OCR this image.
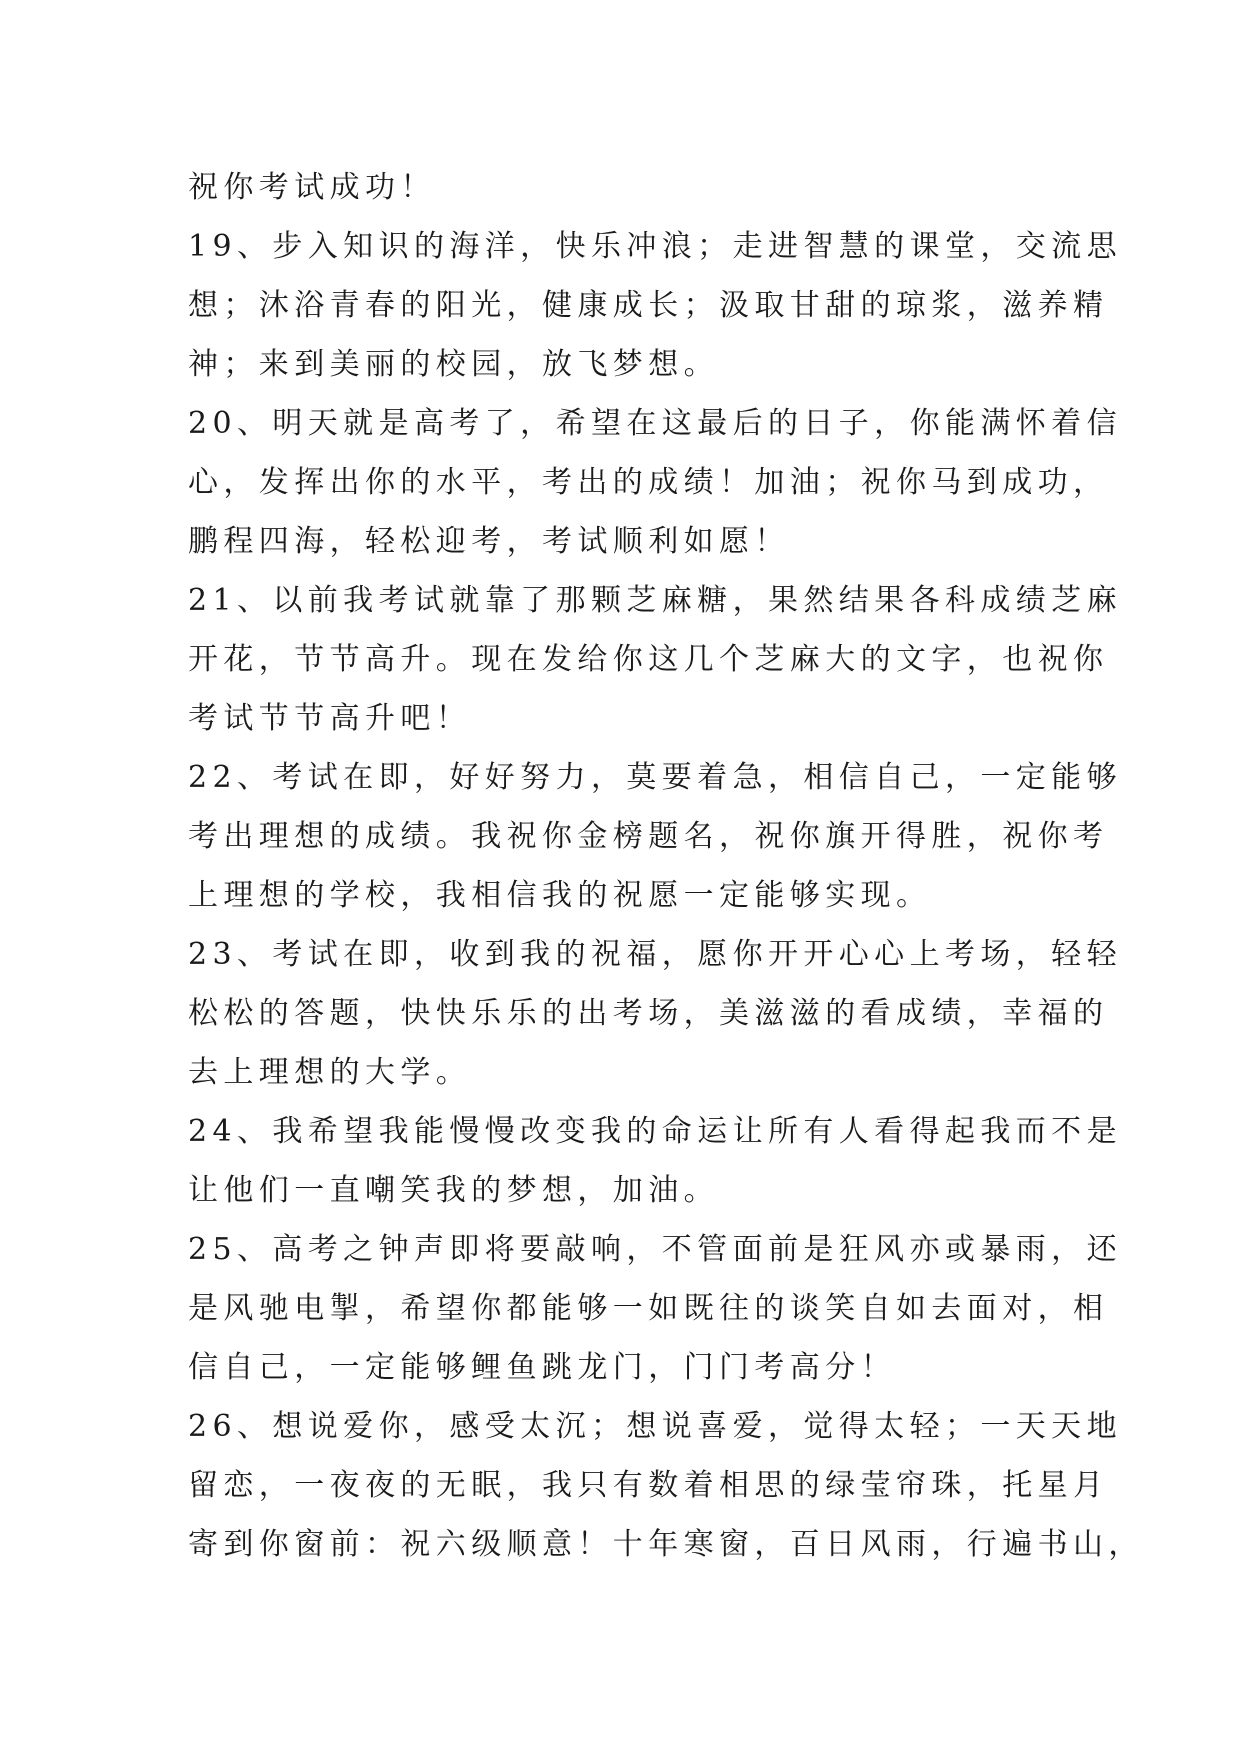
祝你考试成功！
19、步入知识的海洋，快乐冲浪；走进智慧的课堂，交流思
想；沐浴青春的阳光，健康成长；汲取甘甜的琼浆，滋养精
神；来到美丽的校园，放飞梦想。
20、明天就是高考了，希望在这最后的日子，你能满怀着信
心，发挥出你的水平，考出的成绩！加油；祝你马到成功，
鹏程四海，轻松迎考，考试顺利如愿！
21、以前我考试就靠了那颗芝麻糖，果然结果各科成绩芝麻
开花，节节高升。现在发给你这几个芝麻大的文字，也祝你
考试节节高升吧！
22、考试在即，好好努力，莫要着急，相信自己，一定能够
考出理想的成绩。我祝你金榜题名，祝你旗开得胜，祝你考
上理想的学校，我相信我的祝愿一定能够实现。
23、考试在即，收到我的祝福，愿你开开心心上考场，轻轻
松松的答题，快快乐乐的出考场，美滋滋的看成绩，幸福的
去上理想的大学。
24、我希望我能慢慢改变我的命运让所有人看得起我而不是
让他们一直嘲笑我的梦想，加油。
25、高考之钟声即将要敲响，不管面前是狂风亦或暴雨，还
是风驰电掣，希望你都能够一如既往的谈笑自如去面对，相
信自己，一定能够鲤鱼跳龙门，门门考高分！
26、想说爱你，感受太沉；想说喜爱，觉得太轻；一天天地
留恋，一夜夜的无眠，我只有数着相思的绿莹帘珠，托星月
寄到你窗前：祝六级顺意！十年寒窗，百日风雨，行遍书山，
